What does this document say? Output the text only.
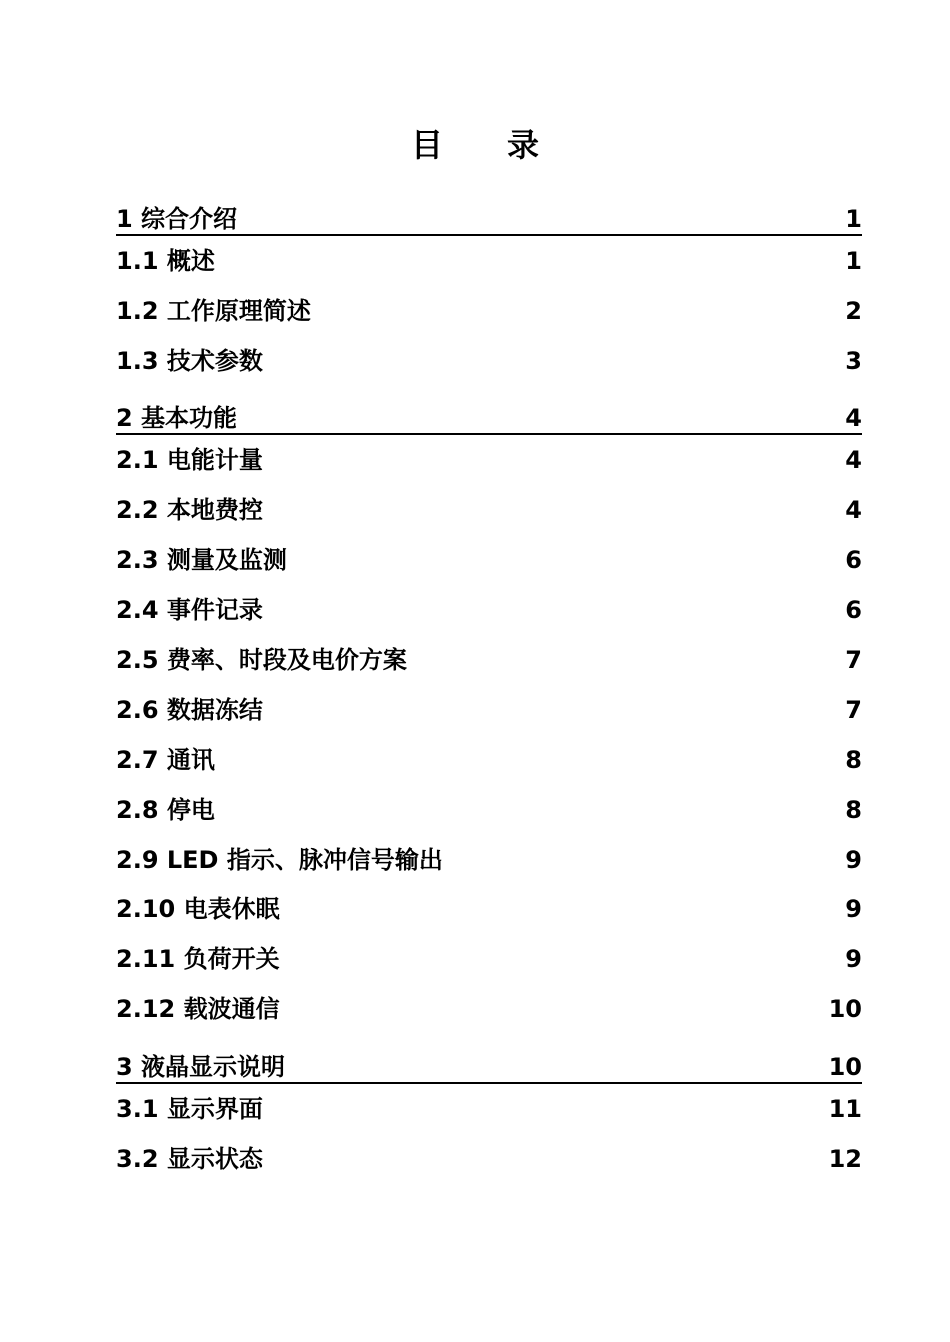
目 录
1 综合介绍	1
1.1 概述	1
1.2 工作原理简述	2
1.3 技术参数	3
2 基本功能	4
2.1 电能计量	4
2.2 本地费控	4
2.3 测量及监测	6
2.4 事件记录	6
2.5 费率、时段及电价方案	7
2.6 数据冻结	7
2.7 通讯	8
2.8 停电	8
2.9 LED 指示、脉冲信号输出	9
2.10 电表休眠	9
2.11 负荷开关	9
2.12 载波通信	10
3 液晶显示说明	10
3.1 显示界面	11
3.2 显示状态	12
